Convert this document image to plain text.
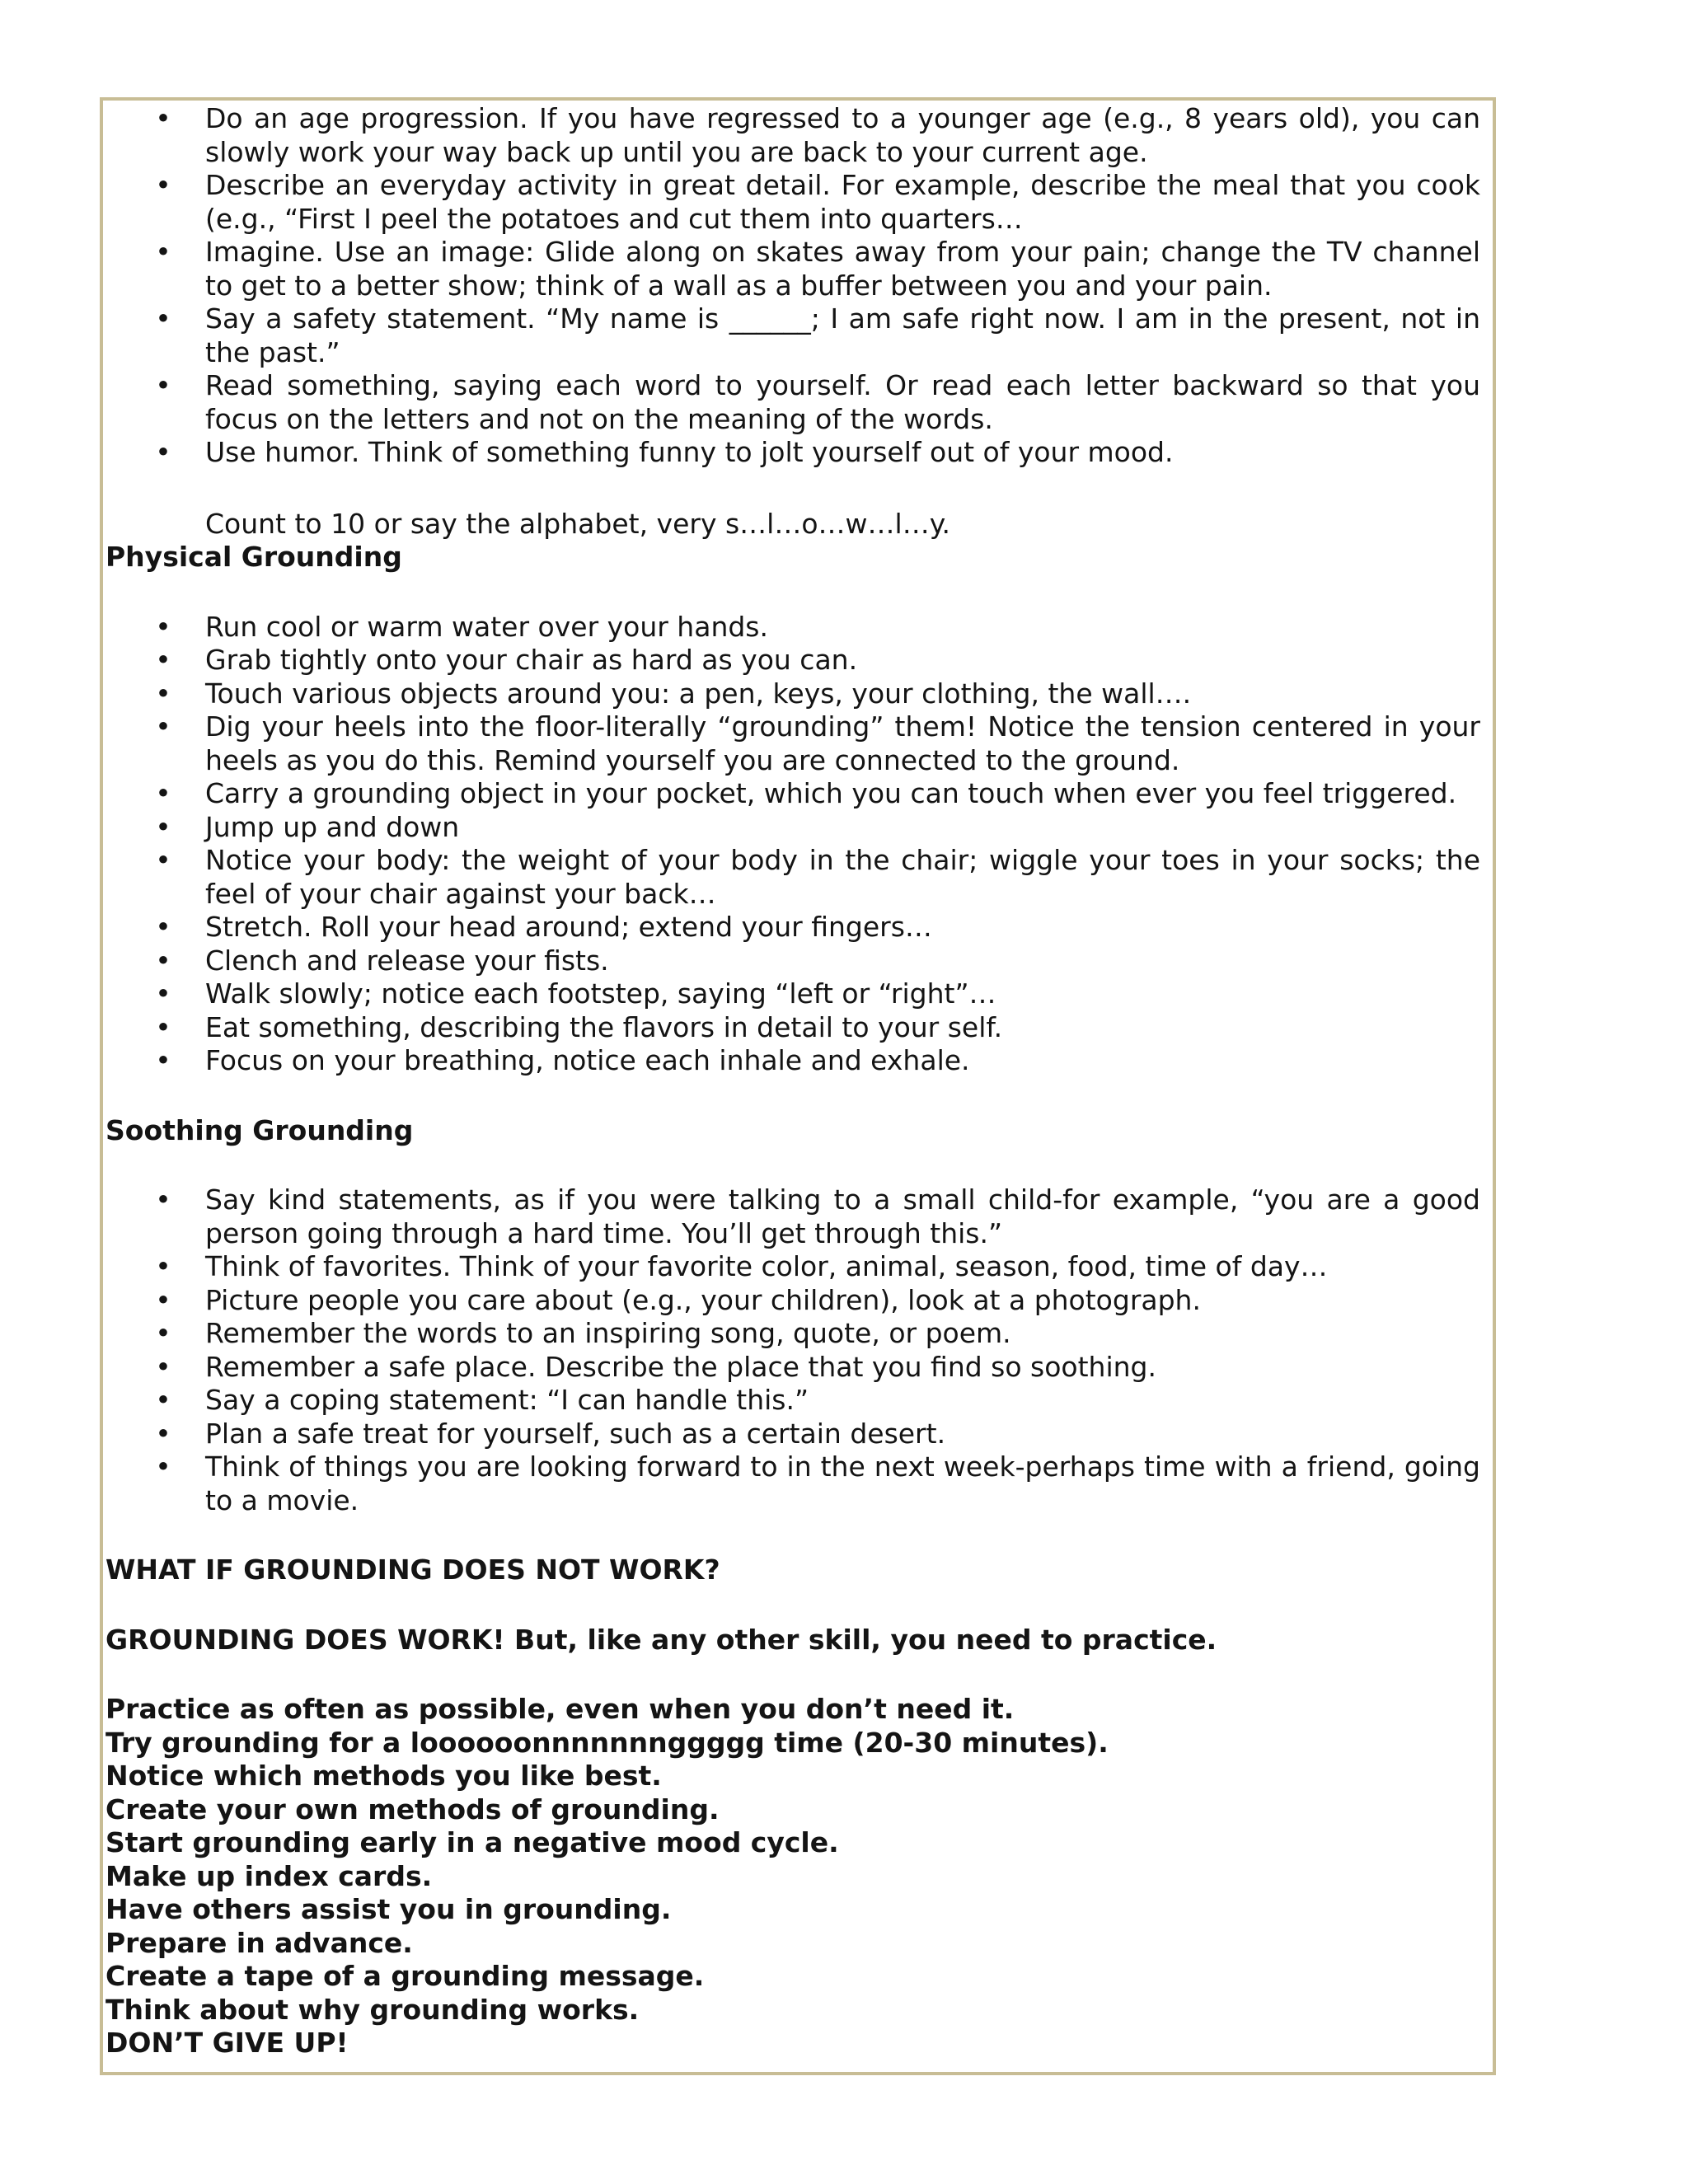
• Do an age progression. If you have regressed to a younger age (e.g., 8 years old), you can slowly work your way back up until you are back to your current age.
• Describe an everyday activity in great detail. For example, describe the meal that you cook (e.g., “First I peel the potatoes and cut them into quarters…
• Imagine. Use an image: Glide along on skates away from your pain; change the TV channel to get to a better show; think of a wall as a buffer between you and your pain.
• Say a safety statement. “My name is ______; I am safe right now. I am in the present, not in the past.”
• Read something, saying each word to yourself. Or read each letter backward so that you focus on the letters and not on the meaning of the words.
• Use humor. Think of something funny to jolt yourself out of your mood.
Count to 10 or say the alphabet, very s…l…o…w…l…y.
Physical Grounding
• Run cool or warm water over your hands.
• Grab tightly onto your chair as hard as you can.
• Touch various objects around you: a pen, keys, your clothing, the wall….
• Dig your heels into the floor-literally “grounding” them! Notice the tension centered in your heels as you do this. Remind yourself you are connected to the ground.
• Carry a grounding object in your pocket, which you can touch when ever you feel triggered.
• Jump up and down
• Notice your body: the weight of your body in the chair; wiggle your toes in your socks; the feel of your chair against your back…
• Stretch. Roll your head around; extend your fingers…
• Clench and release your fists.
• Walk slowly; notice each footstep, saying “left or “right”…
• Eat something, describing the flavors in detail to your self.
• Focus on your breathing, notice each inhale and exhale.
Soothing Grounding
• Say kind statements, as if you were talking to a small child-for example, “you are a good person going through a hard time. You’ll get through this.”
• Think of favorites. Think of your favorite color, animal, season, food, time of day…
• Picture people you care about (e.g., your children), look at a photograph.
• Remember the words to an inspiring song, quote, or poem.
• Remember a safe place. Describe the place that you find so soothing.
• Say a coping statement: “I can handle this.”
• Plan a safe treat for yourself, such as a certain desert.
• Think of things you are looking forward to in the next week-perhaps time with a friend, going to a movie.
WHAT IF GROUNDING DOES NOT WORK?
GROUNDING DOES WORK! But, like any other skill, you need to practice.
Practice as often as possible, even when you don’t need it.
Try grounding for a loooooonnnnnnnggggg time (20-30 minutes).
Notice which methods you like best.
Create your own methods of grounding.
Start grounding early in a negative mood cycle.
Make up index cards.
Have others assist you in grounding.
Prepare in advance.
Create a tape of a grounding message.
Think about why grounding works.
DON’T GIVE UP!
